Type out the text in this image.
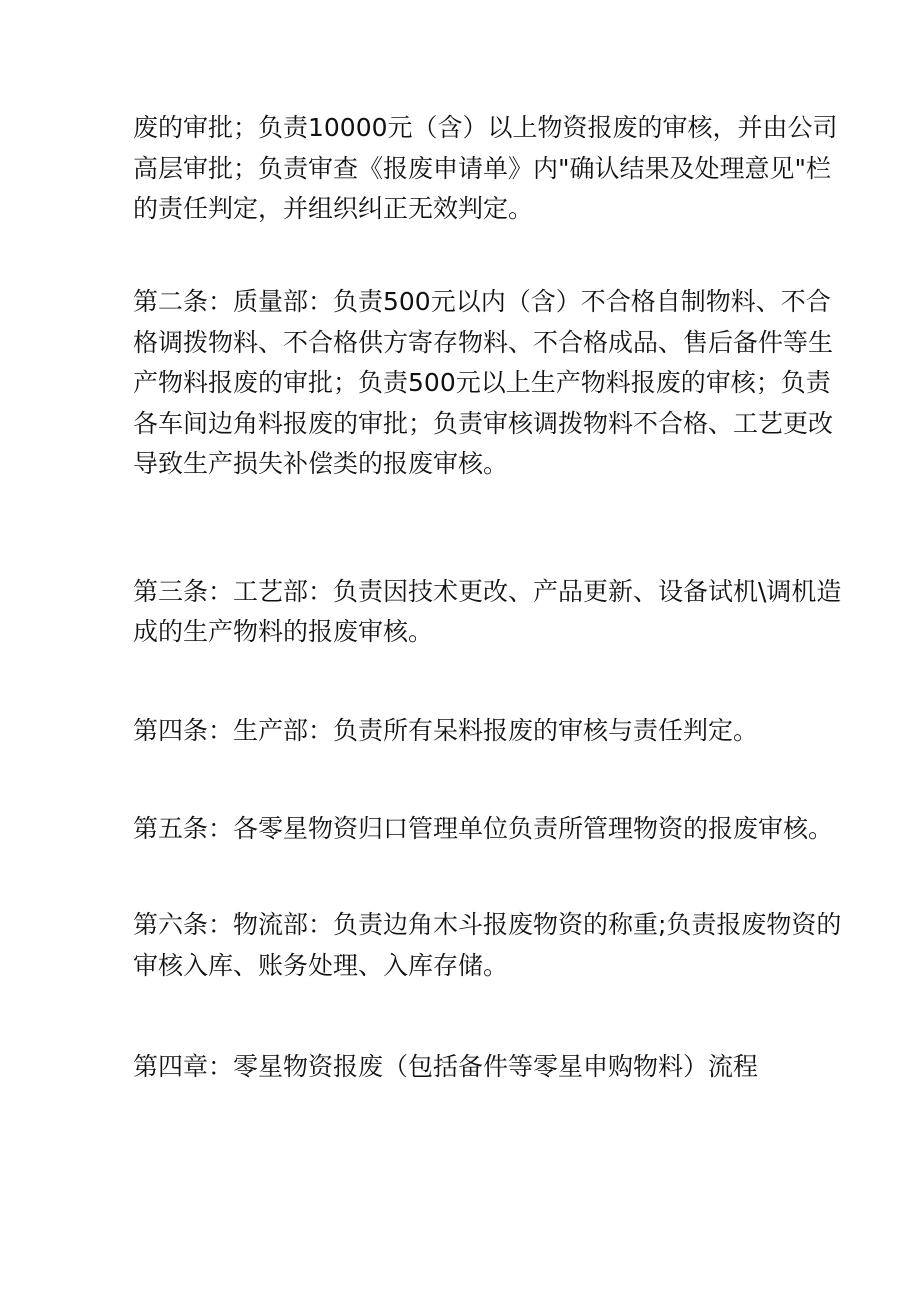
废的审批；负责10000元（含）以上物资报废的审核，并由公司
高层审批；负责审查《报废申请单》内"确认结果及处理意见"栏
的责任判定，并组织纠正无效判定。
第二条：质量部：负责500元以内（含）不合格自制物料、不合
格调拨物料、不合格供方寄存物料、不合格成品、售后备件等生
产物料报废的审批；负责500元以上生产物料报废的审核；负责
各车间边角料报废的审批；负责审核调拨物料不合格、工艺更改
导致生产损失补偿类的报废审核。
第三条：工艺部：负责因技术更改、产品更新、设备试机\调机造
成的生产物料的报废审核。
第四条：生产部：负责所有呆料报废的审核与责任判定。
第五条：各零星物资归口管理单位负责所管理物资的报废审核。
第六条：物流部：负责边角木斗报废物资的称重;负责报废物资的
审核入库、账务处理、入库存储。
第四章：零星物资报废（包括备件等零星申购物料）流程
